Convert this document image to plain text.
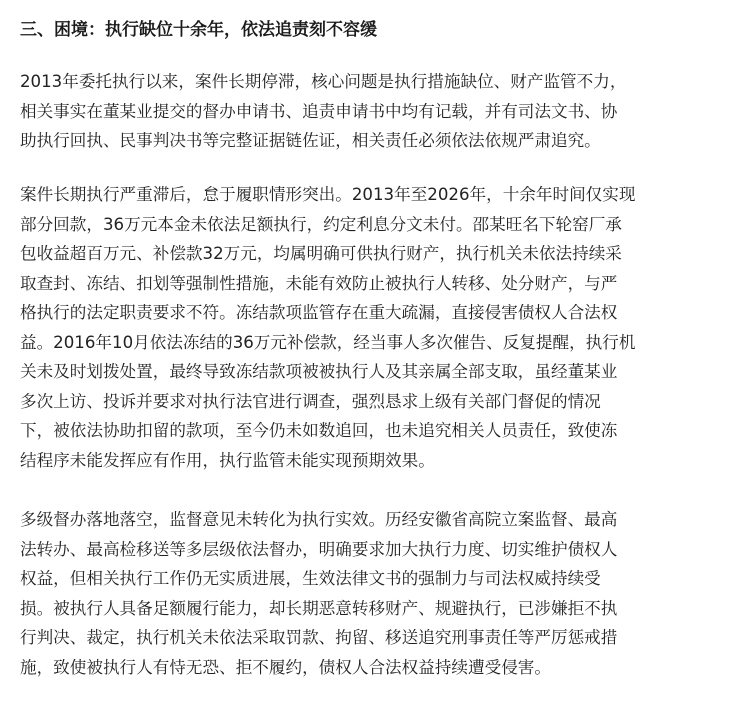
三、困境：执行缺位十余年，依法追责刻不容缓

2013年委托执行以来，案件长期停滞，核心问题是执行措施缺位、财产监管不力，
相关事实在董某业提交的督办申请书、追责申请书中均有记载，并有司法文书、协
助执行回执、民事判决书等完整证据链佐证，相关责任必须依法依规严肃追究。

案件长期执行严重滞后，怠于履职情形突出。2013年至2026年，十余年时间仅实现
部分回款，36万元本金未依法足额执行，约定利息分文未付。邵某旺名下轮窑厂承
包收益超百万元、补偿款32万元，均属明确可供执行财产，执行机关未依法持续采
取查封、冻结、扣划等强制性措施，未能有效防止被执行人转移、处分财产，与严
格执行的法定职责要求不符。冻结款项监管存在重大疏漏，直接侵害债权人合法权
益。2016年10月依法冻结的36万元补偿款，经当事人多次催告、反复提醒，执行机
关未及时划拨处置，最终导致冻结款项被被执行人及其亲属全部支取，虽经董某业
多次上访、投诉并要求对执行法官进行调查，强烈恳求上级有关部门督促的情况
下，被依法协助扣留的款项，至今仍未如数追回，也未追究相关人员责任，致使冻
结程序未能发挥应有作用，执行监管未能实现预期效果。

多级督办落地落空，监督意见未转化为执行实效。历经安徽省高院立案监督、最高
法转办、最高检移送等多层级依法督办，明确要求加大执行力度、切实维护债权人
权益，但相关执行工作仍无实质进展，生效法律文书的强制力与司法权威持续受
损。被执行人具备足额履行能力，却长期恶意转移财产、规避执行，已涉嫌拒不执
行判决、裁定，执行机关未依法采取罚款、拘留、移送追究刑事责任等严厉惩戒措
施，致使被执行人有恃无恐、拒不履约，债权人合法权益持续遭受侵害。
